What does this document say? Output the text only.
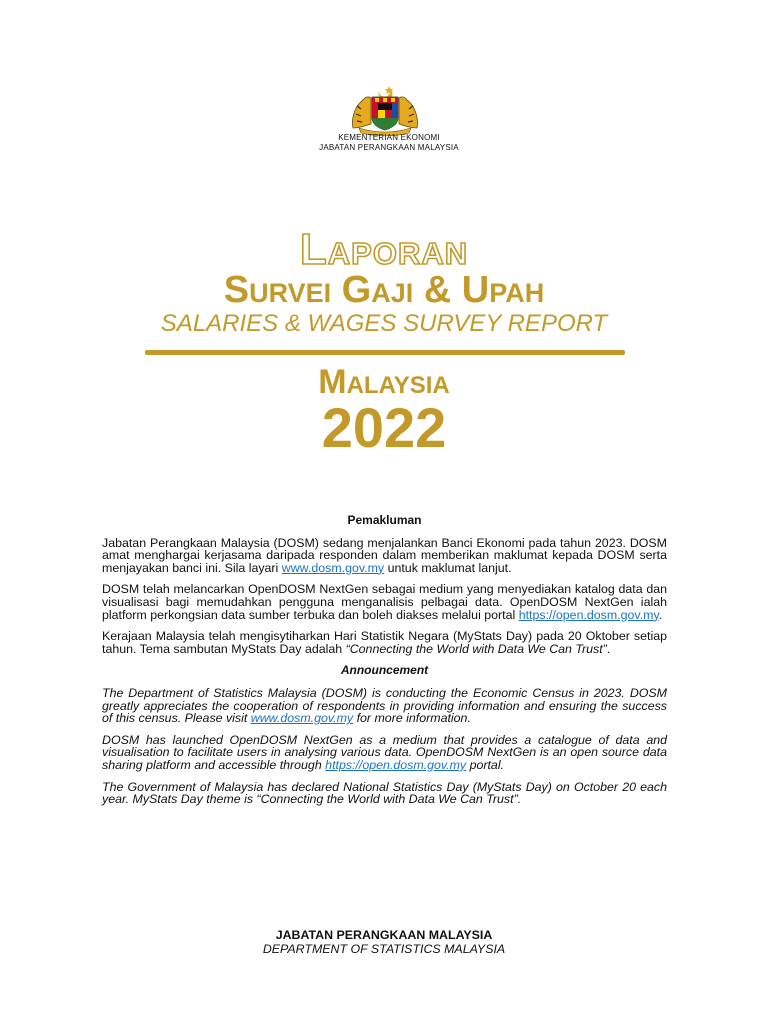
KEMENTERIAN EKONOMI
JABATAN PERANGKAAN MALAYSIA
Laporan
Survei Gaji & Upah
SALARIES & WAGES SURVEY REPORT
Malaysia
2022
Pemakluman

Jabatan Perangkaan Malaysia (DOSM) sedang menjalankan Banci Ekonomi pada tahun 2023. DOSM amat menghargai kerjasama daripada responden dalam memberikan maklumat kepada DOSM serta menjayakan banci ini. Sila layari www.dosm.gov.my untuk maklumat lanjut.

DOSM telah melancarkan OpenDOSM NextGen sebagai medium yang menyediakan katalog data dan visualisasi bagi memudahkan pengguna menganalisis pelbagai data. OpenDOSM NextGen ialah platform perkongsian data sumber terbuka dan boleh diakses melalui portal https://open.dosm.gov.my.

Kerajaan Malaysia telah mengisytiharkan Hari Statistik Negara (MyStats Day) pada 20 Oktober setiap tahun. Tema sambutan MyStats Day adalah “Connecting the World with Data We Can Trust”.

Announcement

The Department of Statistics Malaysia (DOSM) is conducting the Economic Census in 2023. DOSM greatly appreciates the cooperation of respondents in providing information and ensuring the success of this census. Please visit www.dosm.gov.my for more information.

DOSM has launched OpenDOSM NextGen as a medium that provides a catalogue of data and visualisation to facilitate users in analysing various data. OpenDOSM NextGen is an open source data sharing platform and accessible through https://open.dosm.gov.my portal.

The Government of Malaysia has declared National Statistics Day (MyStats Day) on October 20 each year. MyStats Day theme is “Connecting the World with Data We Can Trust”.

JABATAN PERANGKAAN MALAYSIA
DEPARTMENT OF STATISTICS MALAYSIA
